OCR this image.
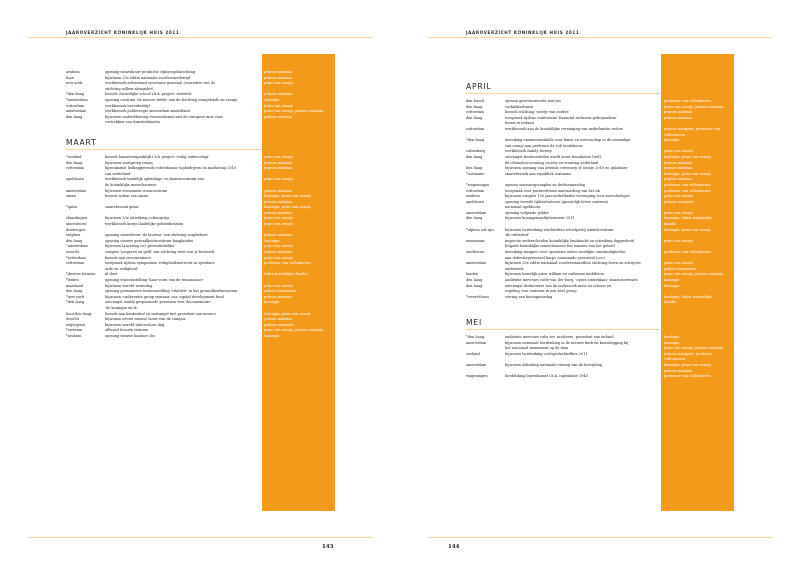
JAAROVERZICHT KONINKLIJK HUIS 2011
arnhem	opening nieuwbouw productie rijksjeugdinrichting	prinses máxima
lisse	bijwonen 25e editie nationale voorleeswedstrijd	prinses máxima
new york	werkbezoek adviesraad secretaris-generaal (voorzitter van de	prins van oranje
stichting willem-alexander)
*den haag	bezoek christelijke school i.h.k. project 'netwerk'	prinses máxima
*amsterdam	opening centrum 'de nieuwe liefde' van de stichting oranjefonds en oranje	koningin
rotterdam	werkbezoek havenbedrijf	prins van oranje
amsterdam	werkbezoek polderregio amsterdam amstelland	prins van oranje, prinses máxima
den haag	bijwonen ondertekening overeenkomst met de europese unie voor	prinses máxima
vertrekken van transitielanden
MAART
*zeeland	bezoek huisartsenpraktijk i.h.k. project 'veilig ouderschap'	prins van oranje
den haag	bijwonen startgroep cenaq	prinses máxima
rotterdam	bijeenkomst leidinggevende rotterdamse topbedrijven en marketing 2010	prinses máxima
van nederland
apeldoorn	werkbezoek landelijk opleidings- en kenniscentrum van	prins van oranje
de koninklijke marechaussee
amsterdam	bijwonen evenement wooncentrum	prinses máxima
oman	bezoek sultan van oman	koningin, prins van oranje,
prinses máxima
*qatar	staatsbezoek qatar	koningin, prins van oranje,
prinses máxima
vlaardingen	bijwonen 25e uitreiking cultuurprijs	prins van oranje
amersfoort/	werkbezoek korps landelijke politiediensten	prins van oranje
driebergen
zutphen	opening nieuwbouw 'de laurens' van stichting zorgbeheer	prinses máxima
den haag	opening nieuwe gezondheidscentrum haaglanden	koningin
*amsterdam	bijwonen lancering co2-prestatieladder	prins van oranje
utrecht	congres 'jongeren en geld' van stichting weet wat je besteedt	prinses máxima
*rotterdam	bezoek aan zeecontainers	prins van oranje
rotterdam	toespraak tijdens symposium 'veiligheidsnetwerk in openbare	professor van vollenhoven
orde en veiligheid'
*diverse locaties	nl doet	leden koninklijke familie
*leiden	opening tentoonstelling 'haar vorm van de renaissance'
maasland	bijwonen wereld waterdag	prins van oranje
den haag	opening permanente tentoonstelling 'vitaliteit' in het gezondheidsmuseum	prinses laurentien
*new york	bijwonen conferentie group seminar, usa capital development fund	prinses máxima
*den haag	ontvangst aantal gesponsorde personen voor documentaire	koningin
'de koningin en ik'
lisse/den haag	bezoek aan keukenhof en ontvangst met president van mexico	koningin, prins van oranje
utrecht	bijwonen eerste nieuwe bouw van de campus	prinses máxima
oegstgeest	bijwonen wereld tuberculose dag	prinses margriet
*vietnam	officieel bezoek vietnam	prins van oranje, prinses máxima
*arnhem	opening nieuwe kantoor cbs	koningin
143
JAAROVERZICHT KONINKLIJK HUIS 2011
APRIL
den bosch	openen gerestaureerde sint-jan	professor van vollenhoven
den haag	vorkinklaslunch	prins van oranje, prinses máxima
rotterdam	bezoek stichting 'voedje van ouders'	prinses máxima
den haag	toespraak tijdens conferentie 'financial inclusion policymakers'	prinses máxima
forum in ierland
rotterdam	werkbezoek aan de koninklijke vereniging van nederlandse reders	prinses margriet, professor van
vollenhoven
*den haag	uitreiking erasmusmedaille voor kunst en wetenschap in de eenmalige	koningin
van oranje aan professor dr. rob loudeboom
culemborg	werkbezoek family factory	prins van oranje
den haag	ontvangst bestuursleden world scout foundation (wsf),	koningin, prins van oranje,
de oliemolen-scouting society en scouting nederland	prinses máxima
den haag	bijwonen opening van artemis ceremony of oranje 2010 en galadiner	prinses máxima
*suriname	staatsbezoek aan republiek suriname	koningin, prins van oranje,
prinses máxima
*wageningen	openen woonzorgcomplex en deelnemersdag	professor van vollenhoven
rotterdam	toespraak voor partnerforum aanvaarding van het nk	professor van vollenhoven
arnhem	bijwonen congres 100 jaar nederlandse vereniging voor microbiologie	prins van oranje
apeldoorn	opening tweede tijdstalentoren (geestelijk leven centrum)	prinses margriet
nationaal apeldoorn
amsterdam	opening volgende polder	prins van oranje
den haag	bijwonen koningsmaaltijdenevent 2011	koningin, leden koninklijke
familie
*alphen a/d rijn	bijwonen herdenking slachtoffers schietpartij winkelcentrum	koningin, prins van oranje
'de ridderhof'
wassenaar	inspectie onderscheiden koninklijke landmacht en uitreiking dapperheid	prins van oranje
brigade koninklijke marechaussee ten aanzien van het geheel
eindhoven	uitreiking insignes voor 'operaties onder moeilijke omstandigheden'	professor van vollenhoven
aan defensiepersoneel korps commando personeel (coc)
amsterdam	bijwonen 25e editie nationaal voorleesmarathon stichting lezen en schrijven	prins van oranje,
onderzoek	prinses laurentien
londen	bijwonen huwelijk prins william en catherine middleton	prins van oranje, prinses máxima
den haag	audiëntie mevrouw rutte-van der burg, 'opera sinterklaas' staatssecretaris	koningin
den haag	ontvangst deelnemers van de onderzoek mooi en schoon en	koningin
regeling voor ouderen in een heel groep
*weert/thorn	viering van koninginnedag	koningin, leden koninklijke
familie
MEI
*den haag	audiëntie mevrouw ruby ser. mcaleese, president van ierland	koningin
amsterdam	bijwonen nationale herdenking in de nieuwe kerk en kranslegging bij	koningin,
het nationaal monument op de dam	prins van oranje, prinses máxima
zeeland	bijwonen herdenking oorlogsslachtoffers 2011	prinses margriet, professor
vollenhoven
amsterdam	bijwonen afsluiting nationale viering van de bevrijding	koningin, prins van oranje,
prinses máxima
wageningen	herdenking bijeenkomst i.h.k. capitulatie 1945	professor van vollenhoven
144
